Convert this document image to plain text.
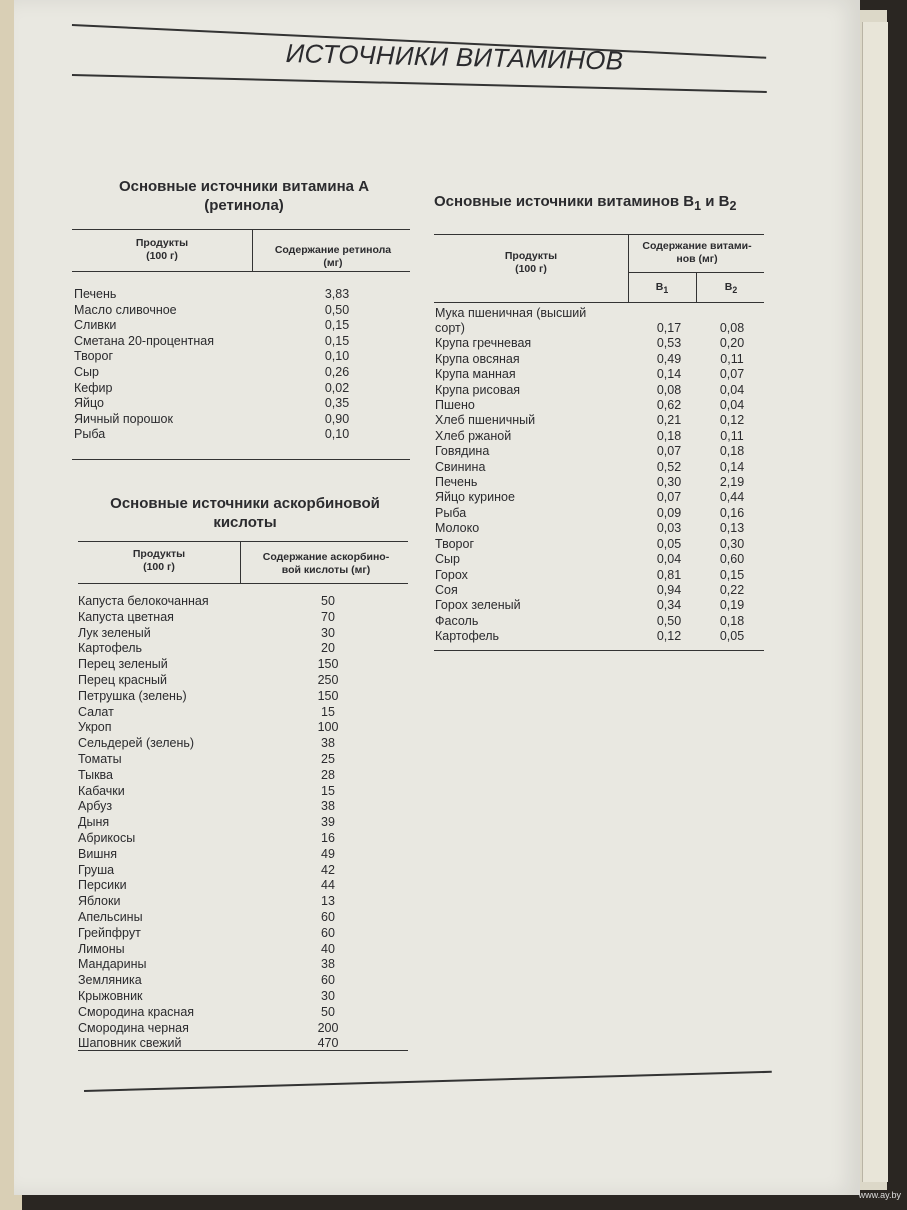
ИСТОЧНИКИ ВИТАМИНОВ
Основные источники витамина А
(ретинола)
Продукты
(100 г)	Содержание ретинола
(мг)
Печень	3,83
Масло сливочное	0,50
Сливки	0,15
Сметана 20-процентная	0,15
Творог	0,10
Сыр	0,26
Кефир	0,02
Яйцо	0,35
Яичный порошок	0,90
Рыба	0,10
Основные источники аскорбиновой
кислоты
Продукты
(100 г)
Содержание аскорбино-
вой кислоты (мг)
Капуста белокочанная	50
Капуста цветная	70
Лук зеленый	30
Картофель	20
Перец зеленый	150
Перец красный	250
Петрушка (зелень)	150
Салат	15
Укроп	100
Сельдерей (зелень)	38
Томаты	25
Тыква	28
Кабачки	15
Арбуз	38
Дыня	39
Абрикосы	16
Вишня	49
Груша	42
Персики	44
Яблоки	13
Апельсины	60
Грейпфрут	60
Лимоны	40
Мандарины	38
Земляника	60
Крыжовник	30
Смородина красная	50
Смородина черная	200
Шаповник свежий	470
Основные источники витаминов $В_1$ и $В_2$
Продукты
(100 г)
Содержание витами-
нов (мг)
$В_1$	$В_2$
Мука пшеничная (высший
сорт)	0,17	0,08
Крупа гречневая	0,53	0,20
Крупа овсяная	0,49	0,11
Крупа манная	0,14	0,07
Крупа рисовая	0,08	0,04
Пшено	0,62	0,04
Хлеб пшеничный	0,21	0,12
Хлеб ржаной	0,18	0,11
Говядина	0,07	0,18
Свинина	0,52	0,14
Печень	0,30	2,19
Яйцо куриное	0,07	0,44
Рыба	0,09	0,16
Молоко	0,03	0,13
Творог	0,05	0,30
Сыр	0,04	0,60
Горох	0,81	0,15
Соя	0,94	0,22
Горох зеленый	0,34	0,19
Фасоль	0,50	0,18
Картофель	0,12	0,05
www.ay.by
